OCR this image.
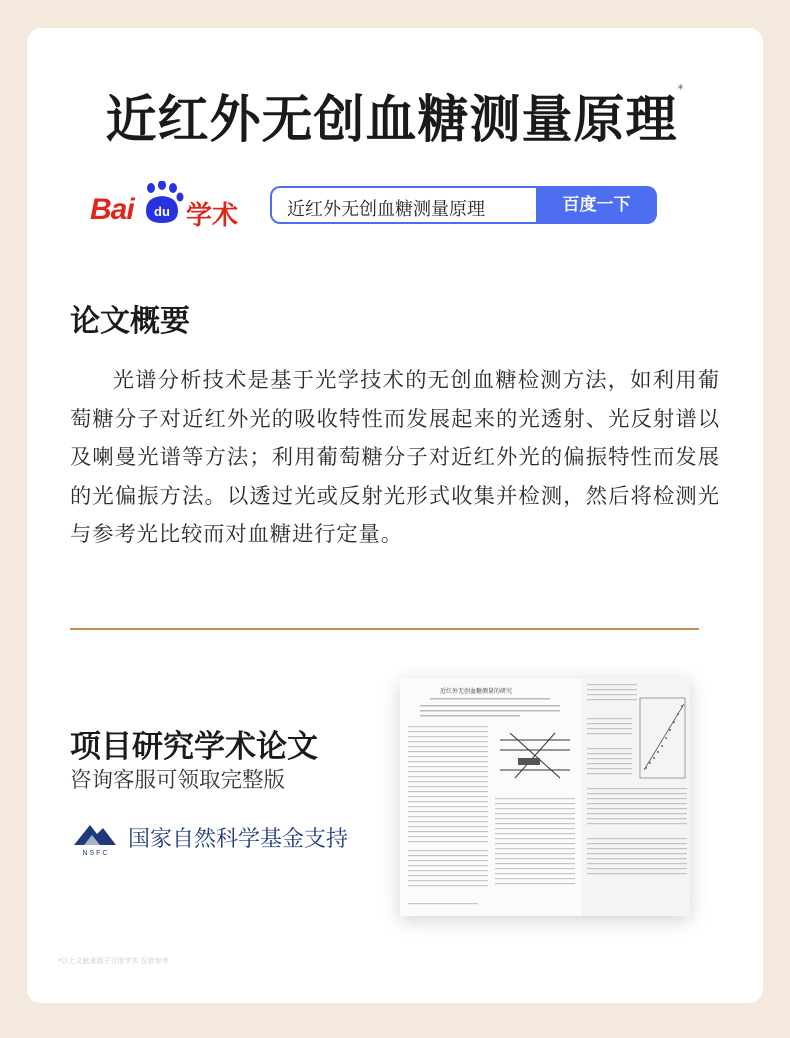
近红外无创血糖测量原理*
Bai du 学术	近红外无创血糖测量原理	百度一下
论文概要
光谱分析技术是基于光学技术的无创血糖检测方法，如利用葡萄糖分子对近红外光的吸收特性而发展起来的光透射、光反射谱以及喇曼光谱等方法；利用葡萄糖分子对近红外光的偏振特性而发展的光偏振方法。以透过光或反射光形式收集并检测，然后将检测光与参考光比较而对血糖进行定量。
项目研究学术论文
咨询客服可领取完整版
N S F C
国家自然科学基金支持
近红外无创血糖测量的研究
*以上文献来源于百度学术 仅供参考
